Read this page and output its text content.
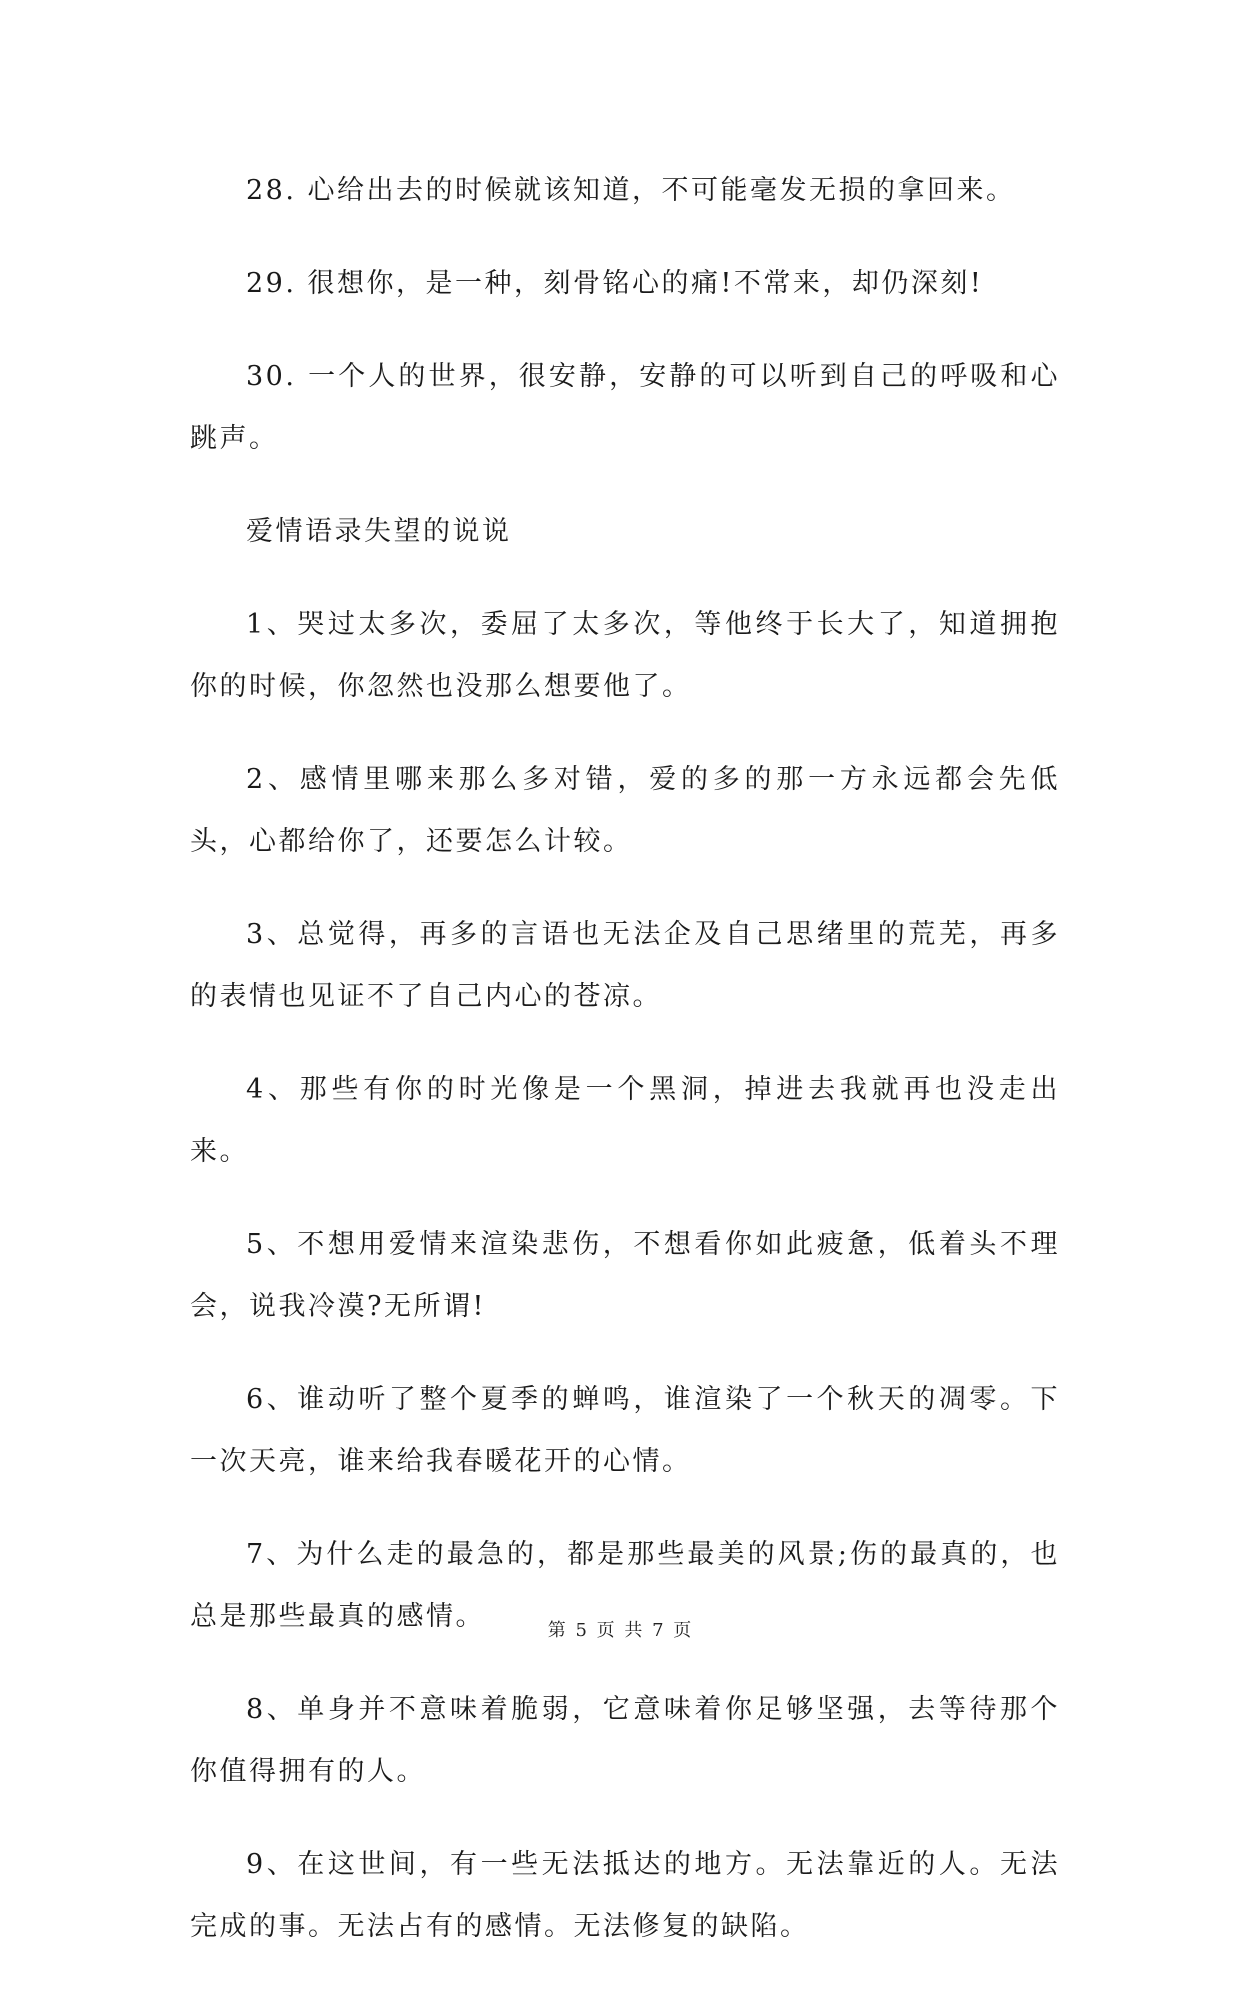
28. 心给出去的时候就该知道，不可能毫发无损的拿回来。

29. 很想你，是一种，刻骨铭心的痛!不常来，却仍深刻!

30. 一个人的世界，很安静，安静的可以听到自己的呼吸和心跳声。

爱情语录失望的说说

1、哭过太多次，委屈了太多次，等他终于长大了，知道拥抱你的时候，你忽然也没那么想要他了。

2、感情里哪来那么多对错，爱的多的那一方永远都会先低头，心都给你了，还要怎么计较。

3、总觉得，再多的言语也无法企及自己思绪里的荒芜，再多的表情也见证不了自己内心的苍凉。

4、那些有你的时光像是一个黑洞，掉进去我就再也没走出来。

5、不想用爱情来渲染悲伤，不想看你如此疲惫，低着头不理会，说我冷漠?无所谓!

6、谁动听了整个夏季的蝉鸣，谁渲染了一个秋天的凋零。下一次天亮，谁来给我春暖花开的心情。

7、为什么走的最急的，都是那些最美的风景;伤的最真的，也总是那些最真的感情。

8、单身并不意味着脆弱，它意味着你足够坚强，去等待那个你值得拥有的人。

9、在这世间，有一些无法抵达的地方。无法靠近的人。无法完成的事。无法占有的感情。无法修复的缺陷。

第 5 页 共 7 页
